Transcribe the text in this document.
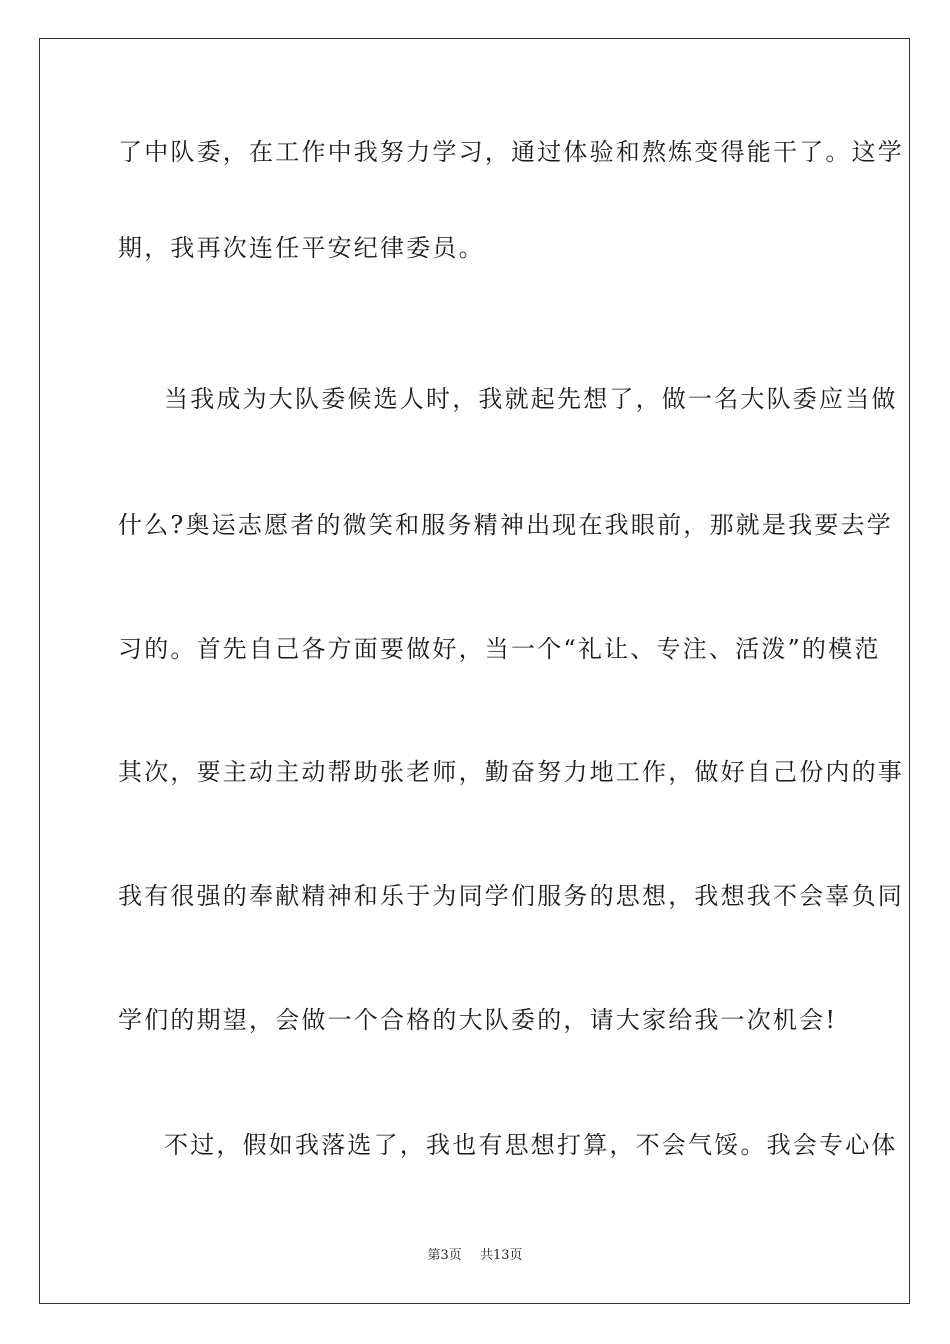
了中队委，在工作中我努力学习，通过体验和熬炼变得能干了。这学
期，我再次连任平安纪律委员。
当我成为大队委候选人时，我就起先想了，做一名大队委应当做
什么?奥运志愿者的微笑和服务精神出现在我眼前，那就是我要去学
习的。首先自己各方面要做好，当一个“礼让、专注、活泼”的模范
其次，要主动主动帮助张老师，勤奋努力地工作，做好自己份内的事
我有很强的奉献精神和乐于为同学们服务的思想，我想我不会辜负同
学们的期望，会做一个合格的大队委的，请大家给我一次机会!
不过，假如我落选了，我也有思想打算，不会气馁。我会专心体
第3页 共13页
